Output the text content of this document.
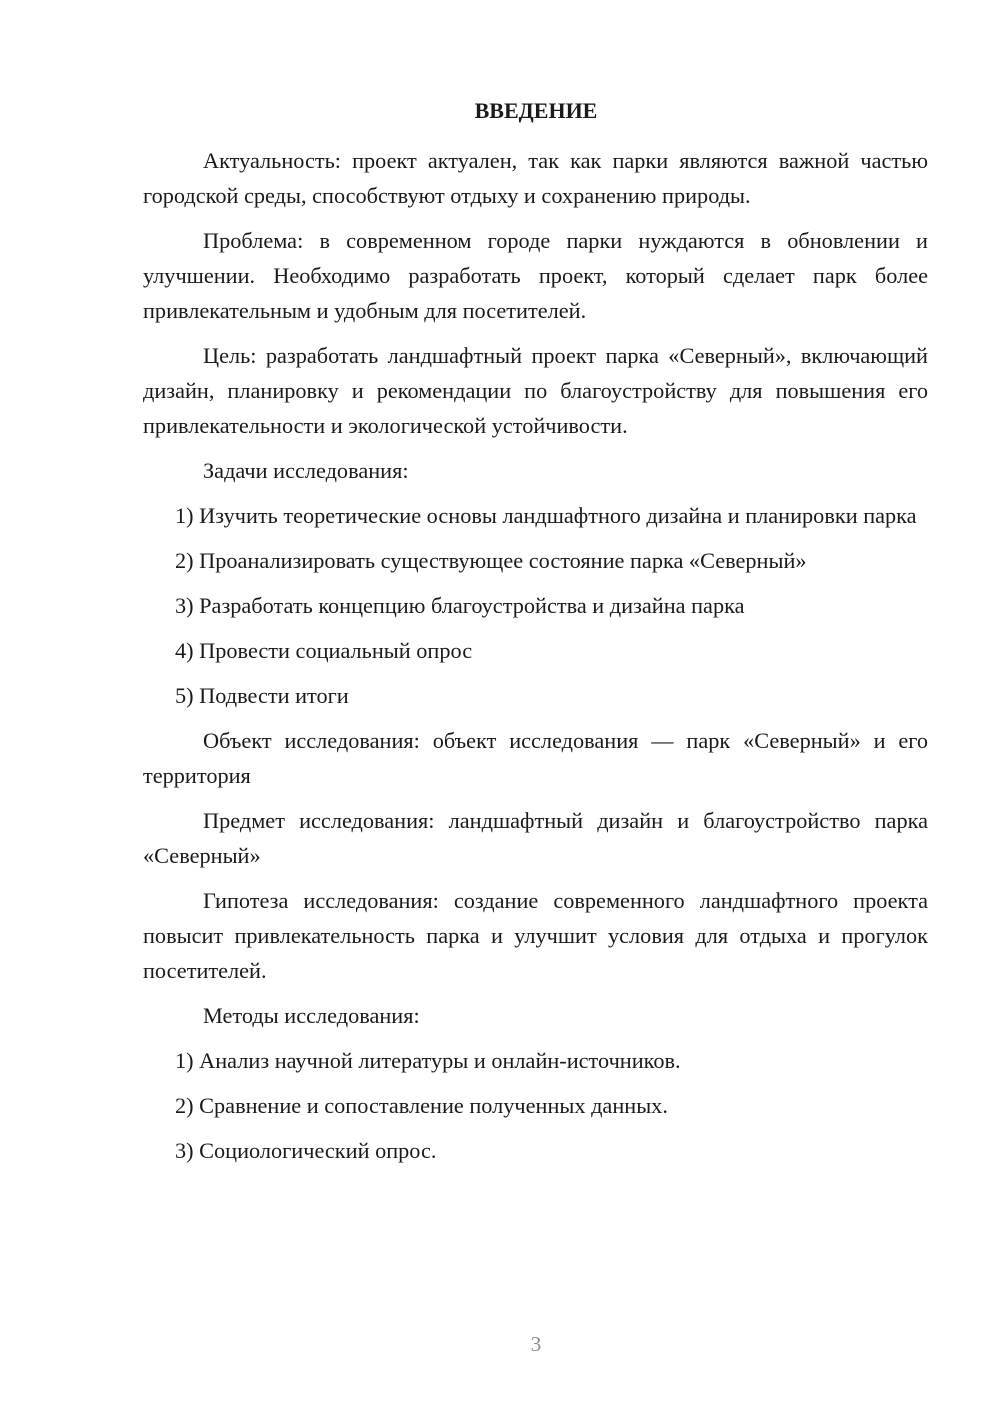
ВВЕДЕНИЕ

Актуальность: проект актуален, так как парки являются важной частью городской среды, способствуют отдыху и сохранению природы.

Проблема: в современном городе парки нуждаются в обновлении и улучшении. Необходимо разработать проект, который сделает парк более привлекательным и удобным для посетителей.

Цель: разработать ландшафтный проект парка «Северный», включающий дизайн, планировку и рекомендации по благоустройству для повышения его привлекательности и экологической устойчивости.

Задачи исследования:

1) Изучить теоретические основы ландшафтного дизайна и планировки парка

2) Проанализировать существующее состояние парка «Северный»

3) Разработать концепцию благоустройства и дизайна парка

4) Провести социальный опрос

5) Подвести итоги

Объект исследования: объект исследования — парк «Северный» и его территория

Предмет исследования: ландшафтный дизайн и благоустройство парка «Северный»

Гипотеза исследования: создание современного ландшафтного проекта повысит привлекательность парка и улучшит условия для отдыха и прогулок посетителей.

Методы исследования:

1) Анализ научной литературы и онлайн-источников.

2) Сравнение и сопоставление полученных данных.

3) Социологический опрос.

3
